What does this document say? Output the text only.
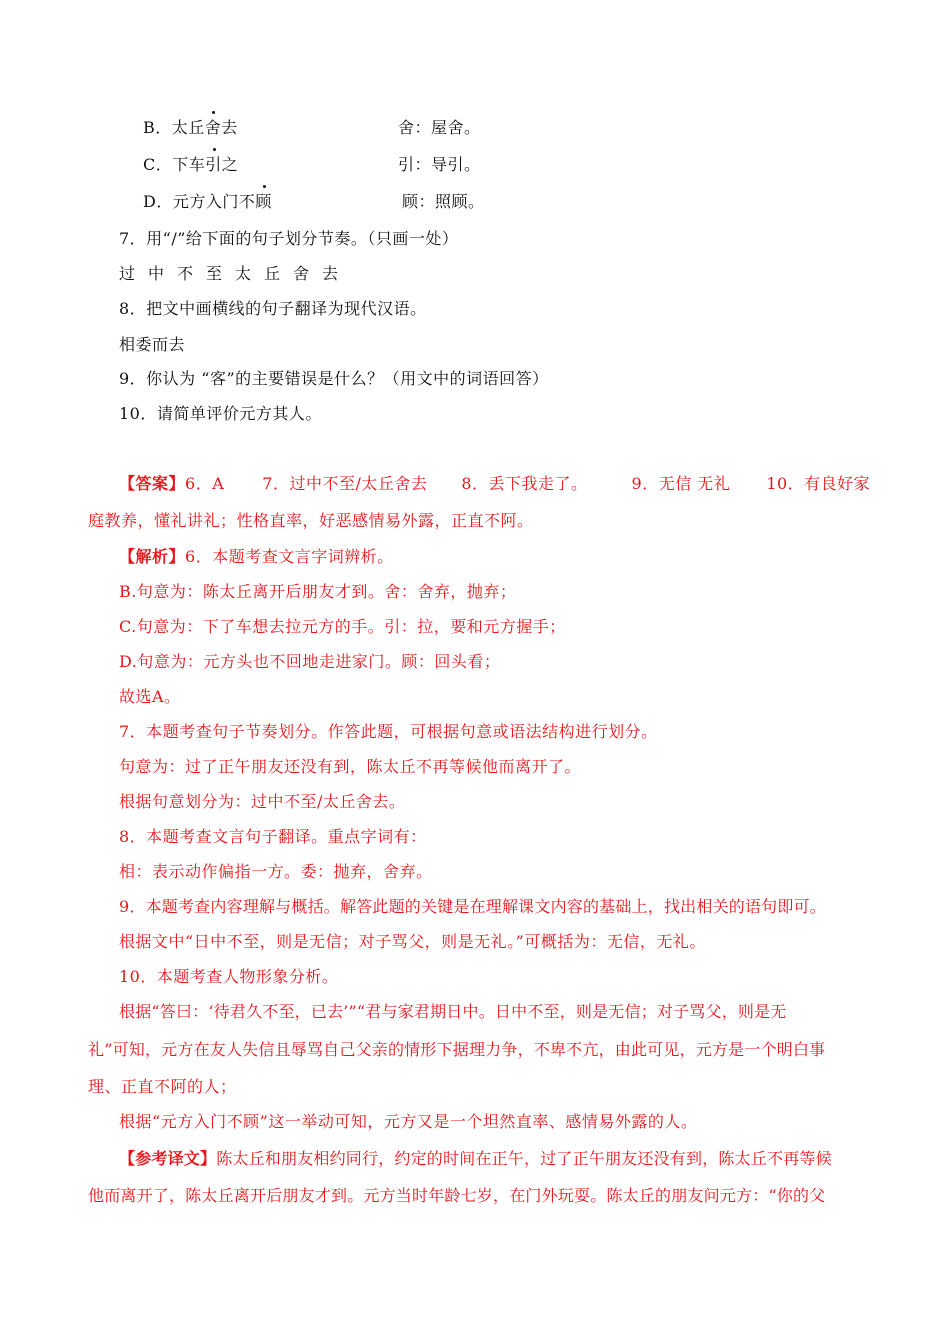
B．太丘舍去	舍：屋舍。
C．下车引之	引：导引。
D．元方入门不顾	顾：照顾。
7．用“/”给下面的句子划分节奏。（只画一处）
过中不至太丘舍去
8．把文中画横线的句子翻译为现代汉语。
相委而去
9．你认为 “客”的主要错误是什么？（用文中的词语回答）
10．请简单评价元方其人。
【答案】6．A 7．过中不至/太丘舍去 8．丢下我走了。	9．无信 无礼 10．有良好家
庭教养，懂礼讲礼；性格直率，好恶感情易外露，正直不阿。
【解析】6．本题考查文言字词辨析。
B.句意为：陈太丘离开后朋友才到。舍：舍弃，抛弃；
C.句意为：下了车想去拉元方的手。引：拉，要和元方握手；
D.句意为：元方头也不回地走进家门。顾：回头看；
故选A。
7．本题考查句子节奏划分。作答此题，可根据句意或语法结构进行划分。
句意为：过了正午朋友还没有到，陈太丘不再等候他而离开了。
根据句意划分为：过中不至/太丘舍去。
8．本题考查文言句子翻译。重点字词有：
相：表示动作偏指一方。委：抛弃，舍弃。
9．本题考查内容理解与概括。解答此题的关键是在理解课文内容的基础上，找出相关的语句即可。
根据文中“日中不至，则是无信；对子骂父，则是无礼。”可概括为：无信，无礼。
10．本题考查人物形象分析。
根据“答曰：‘待君久不至，已去’”“君与家君期日中。日中不至，则是无信；对子骂父，则是无
礼”可知，元方在友人失信且辱骂自己父亲的情形下据理力争，不卑不亢，由此可见，元方是一个明白事
理、正直不阿的人；
根据“元方入门不顾”这一举动可知，元方又是一个坦然直率、感情易外露的人。
【参考译文】陈太丘和朋友相约同行，约定的时间在正午，过了正午朋友还没有到，陈太丘不再等候
他而离开了，陈太丘离开后朋友才到。元方当时年龄七岁，在门外玩耍。陈太丘的朋友问元方：“你的父
